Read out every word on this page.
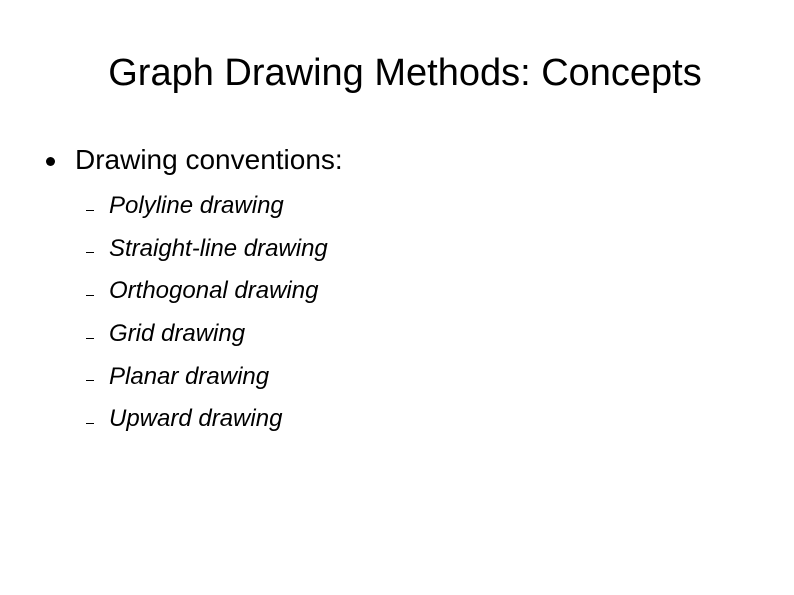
Graph Drawing Methods: Concepts
Drawing conventions:
Polyline drawing
Straight-line drawing
Orthogonal drawing
Grid drawing
Planar drawing
Upward drawing
